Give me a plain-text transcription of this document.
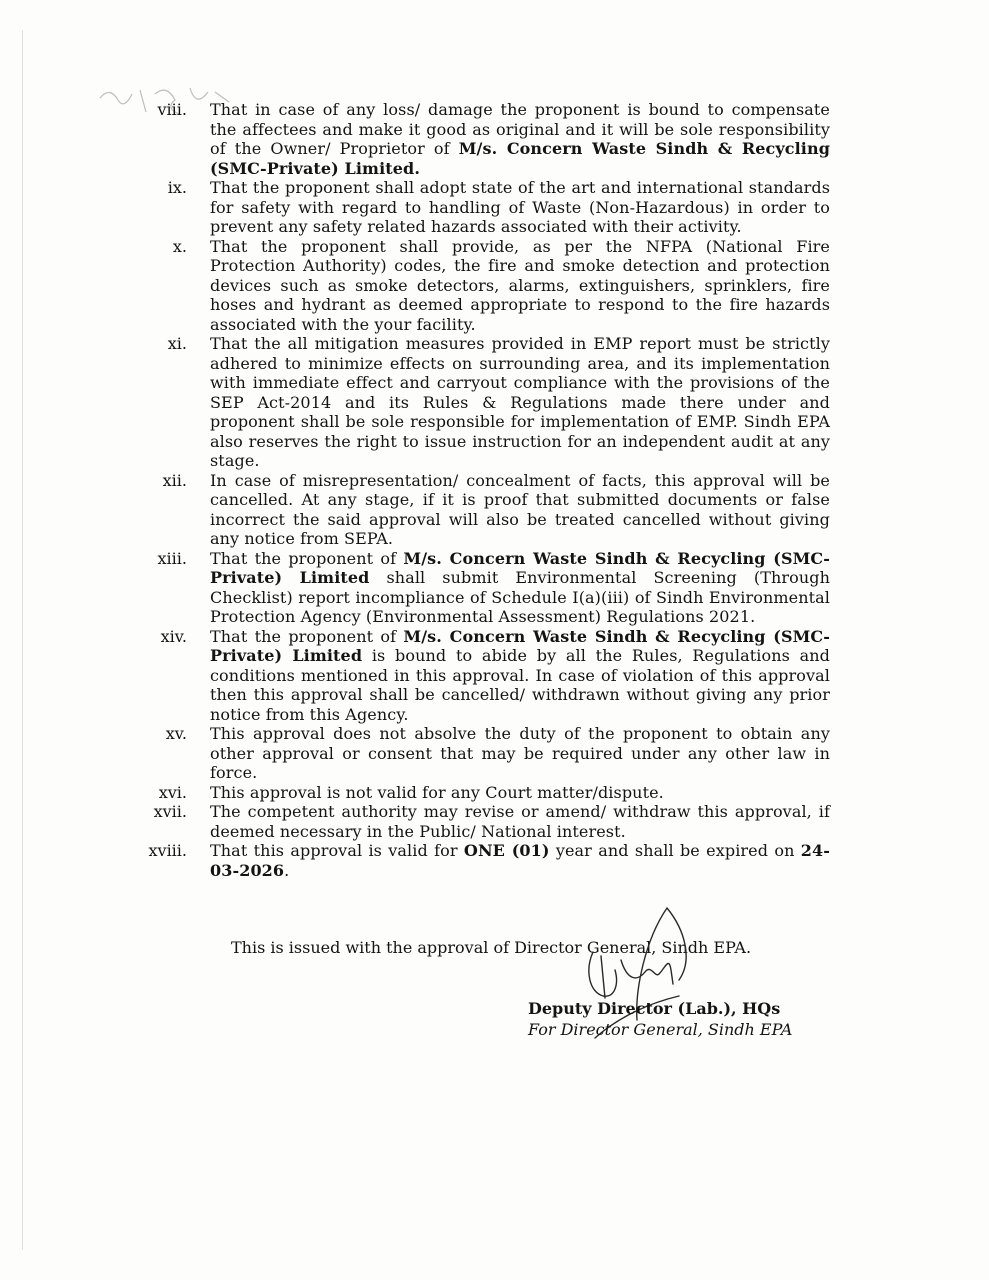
viii.	That in case of any loss/ damage the proponent is bound to compensate the affectees and make it good as original and it will be sole responsibility of the Owner/ Proprietor of M/s. Concern Waste Sindh & Recycling (SMC-Private) Limited.
ix.	That the proponent shall adopt state of the art and international standards for safety with regard to handling of Waste (Non-Hazardous) in order to prevent any safety related hazards associated with their activity.
x.	That the proponent shall provide, as per the NFPA (National Fire Protection Authority) codes, the fire and smoke detection and protection devices such as smoke detectors, alarms, extinguishers, sprinklers, fire hoses and hydrant as deemed appropriate to respond to the fire hazards associated with the your facility.
xi.	That the all mitigation measures provided in EMP report must be strictly adhered to minimize effects on surrounding area, and its implementation with immediate effect and carryout compliance with the provisions of the SEP Act-2014 and its Rules & Regulations made there under and proponent shall be sole responsible for implementation of EMP. Sindh EPA also reserves the right to issue instruction for an independent audit at any stage.
xii.	In case of misrepresentation/ concealment of facts, this approval will be cancelled. At any stage, if it is proof that submitted documents or false incorrect the said approval will also be treated cancelled without giving any notice from SEPA.
xiii.	That the proponent of M/s. Concern Waste Sindh & Recycling (SMC-Private) Limited shall submit Environmental Screening (Through Checklist) report incompliance of Schedule I(a)(iii) of Sindh Environmental Protection Agency (Environmental Assessment) Regulations 2021.
xiv.	That the proponent of M/s. Concern Waste Sindh & Recycling (SMC-Private) Limited is bound to abide by all the Rules, Regulations and conditions mentioned in this approval. In case of violation of this approval then this approval shall be cancelled/ withdrawn without giving any prior notice from this Agency.
xv.	This approval does not absolve the duty of the proponent to obtain any other approval or consent that may be required under any other law in force.
xvi.	This approval is not valid for any Court matter/dispute.
xvii.	The competent authority may revise or amend/ withdraw this approval, if deemed necessary in the Public/ National interest.
xviii.	That this approval is valid for ONE (01) year and shall be expired on 24-03-2026.
This is issued with the approval of Director General, Sindh EPA.
Deputy Director (Lab.), HQs
For Director General, Sindh EPA
